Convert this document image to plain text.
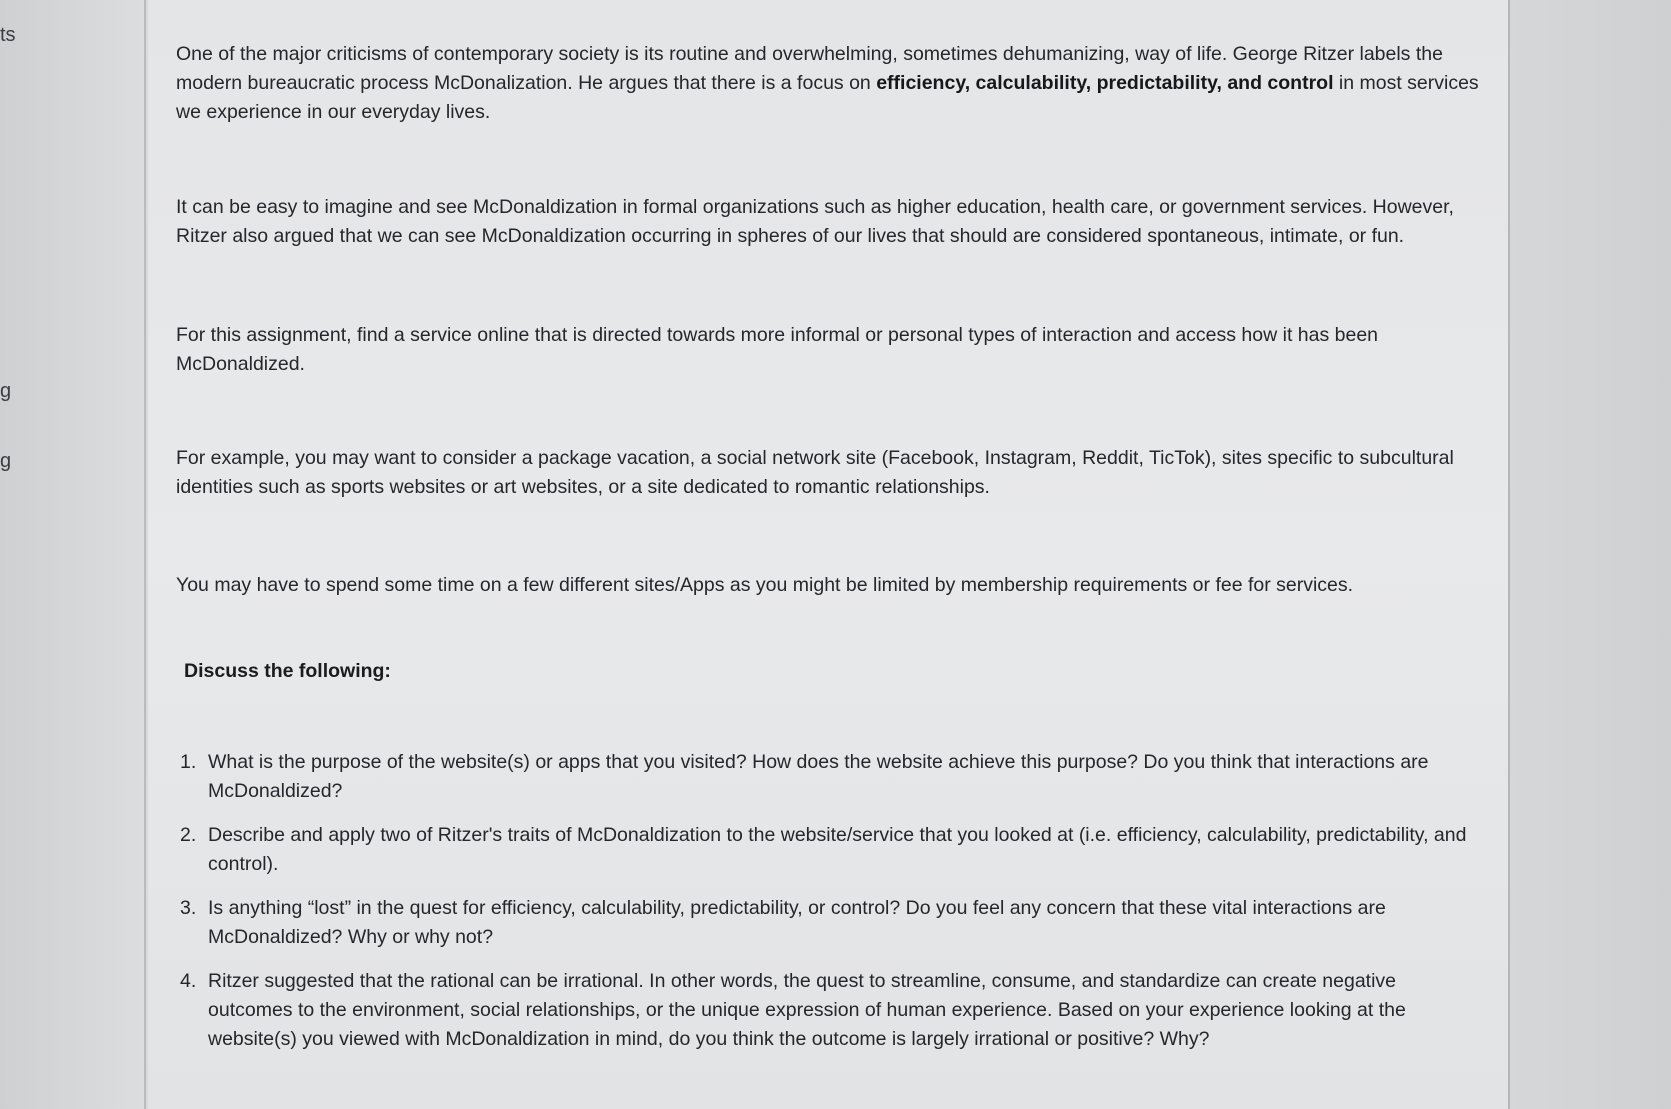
ts
g
g

One of the major criticisms of contemporary society is its routine and overwhelming, sometimes dehumanizing, way of life. George Ritzer labels the modern bureaucratic process McDonalization. He argues that there is a focus on efficiency, calculability, predictability, and control in most services we experience in our everyday lives.

It can be easy to imagine and see McDonaldization in formal organizations such as higher education, health care, or government services. However, Ritzer also argued that we can see McDonaldization occurring in spheres of our lives that should are considered spontaneous, intimate, or fun.

For this assignment, find a service online that is directed towards more informal or personal types of interaction and access how it has been McDonaldized.

For example, you may want to consider a package vacation, a social network site (Facebook, Instagram, Reddit, TicTok), sites specific to subcultural identities such as sports websites or art websites, or a site dedicated to romantic relationships.

You may have to spend some time on a few different sites/Apps as you might be limited by membership requirements or fee for services.

Discuss the following:
1. What is the purpose of the website(s) or apps that you visited? How does the website achieve this purpose? Do you think that interactions are McDonaldized?
2. Describe and apply two of Ritzer's traits of McDonaldization to the website/service that you looked at (i.e. efficiency, calculability, predictability, and control).
3. Is anything “lost” in the quest for efficiency, calculability, predictability, or control? Do you feel any concern that these vital interactions are McDonaldized? Why or why not?
4. Ritzer suggested that the rational can be irrational. In other words, the quest to streamline, consume, and standardize can create negative outcomes to the environment, social relationships, or the unique expression of human experience. Based on your experience looking at the website(s) you viewed with McDonaldization in mind, do you think the outcome is largely irrational or positive? Why?
